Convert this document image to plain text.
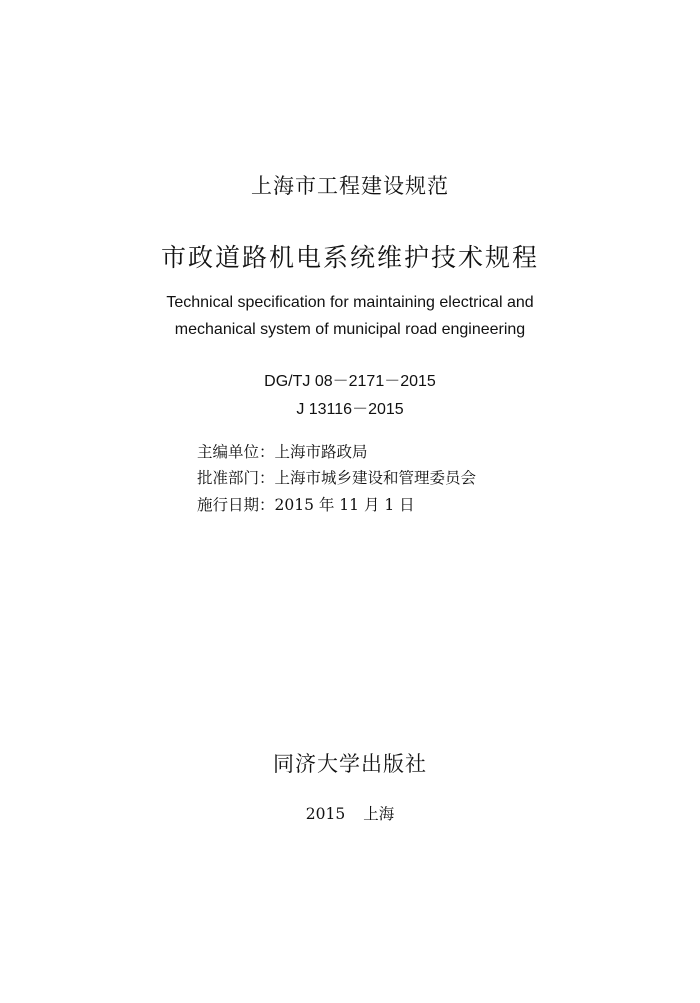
上海市工程建设规范
市政道路机电系统维护技术规程
Technical specification for maintaining electrical and
mechanical system of municipal road engineering
DG/TJ 08－2171－2015
J 13116－2015
主编单位：上海市路政局
批准部门：上海市城乡建设和管理委员会
施行日期：2015 年 11 月 1 日
同济大学出版社
2015 上海
